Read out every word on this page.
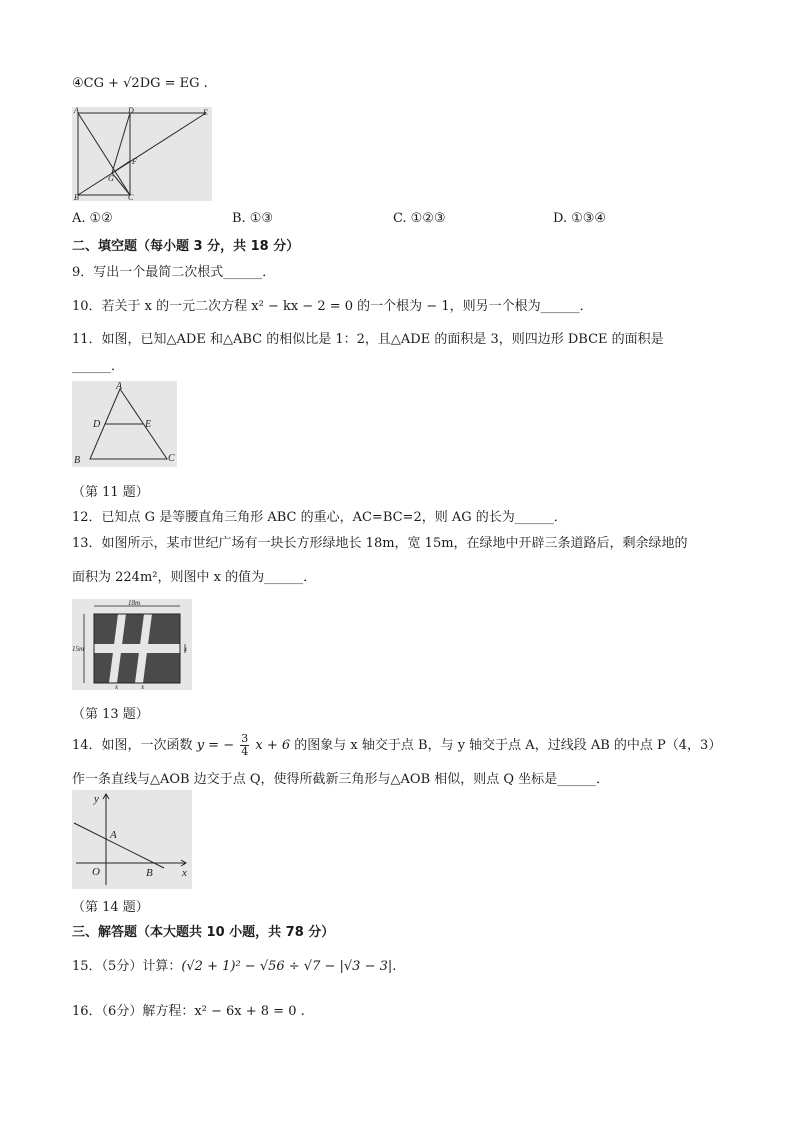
④CG + √2DG = EG .
A	D	E
F
G
B	C
A. ①②	B. ①③	C. ①②③	D. ①③④
二、填空题（每小题 3 分，共 18 分）
9．写出一个最简二次根式______．
10．若关于 x 的一元二次方程 x² − kx − 2 = 0 的一个根为 − 1，则另一个根为______．
11．如图，已知△ADE 和△ABC 的相似比是 1：2，且△ADE 的面积是 3，则四边形 DBCE 的面积是
______．
A
D	E
B	C
（第 11 题）
12．已知点 G 是等腰直角三角形 ABC 的重心，AC=BC=2，则 AG 的长为______．
13．如图所示，某市世纪广场有一块长方形绿地长 18m，宽 15m，在绿地中开辟三条道路后，剩余绿地的
面积为 224m²，则图中 x 的值为______．
18m
15m	x
x	x
（第 13 题）
14．如图，一次函数 y = − $\frac{3}{4}$ x + 6 的图象与 x 轴交于点 B，与 y 轴交于点 A，过线段 AB 的中点 P（4，3）
作一条直线与△AOB 边交于点 Q，使得所截新三角形与△AOB 相似，则点 Q 坐标是______．
y
A
O	B	x
（第 14 题）
三、解答题（本大题共 10 小题，共 78 分）
15．（5分）计算：(√2 + 1)² − √56 ÷ √7 − |√3 − 3|.
16．（6分）解方程：x² − 6x + 8 = 0 .
